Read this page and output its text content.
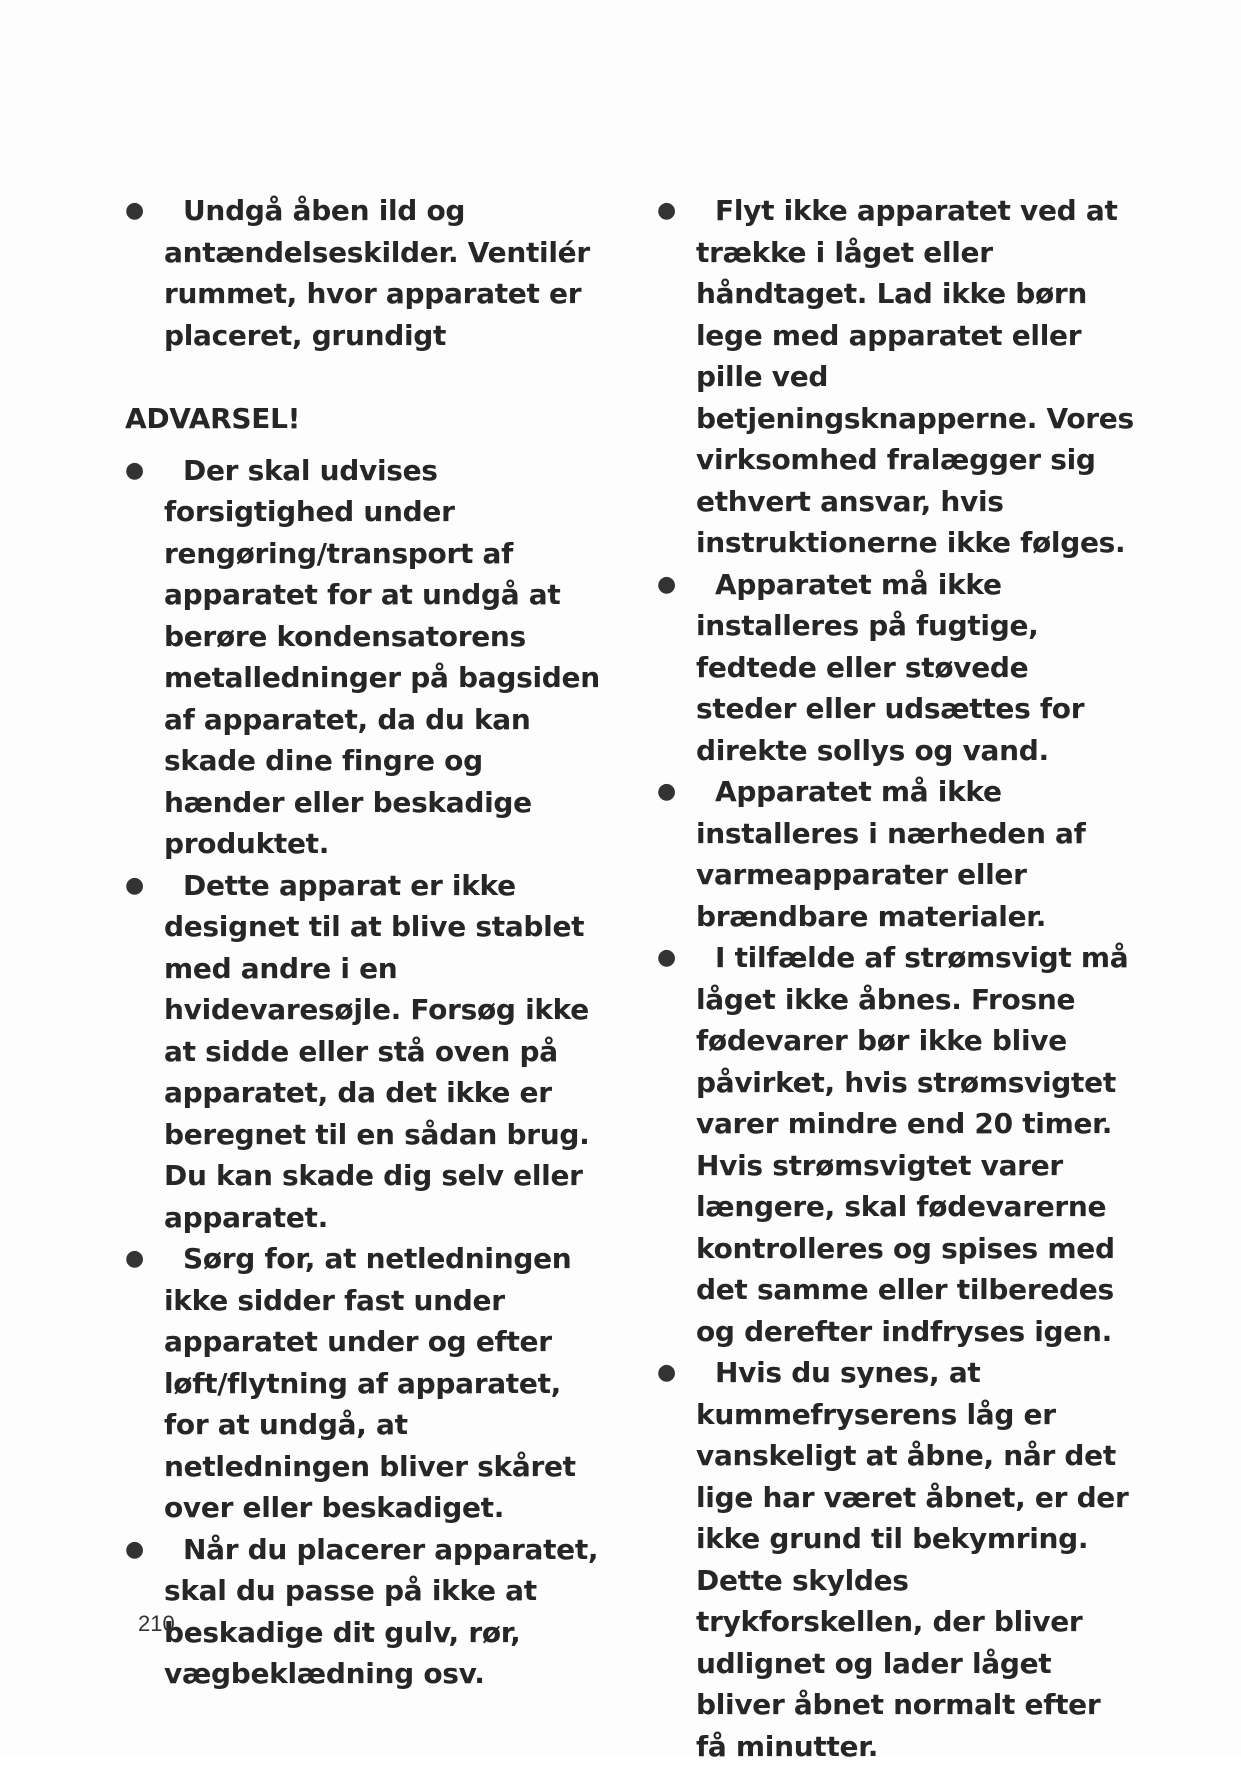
●	Undgå åben ild og antændelseskilder. Ventilér rummet, hvor apparatet er placeret, grundigt
ADVARSEL!
●	Der skal udvises forsigtighed under rengøring/transport af apparatet for at undgå at berøre kondensatorens metalledninger på bagsiden af apparatet, da du kan skade dine fingre og hænder eller beskadige produktet.
●	Dette apparat er ikke designet til at blive stablet med andre i en hvidevaresøjle. Forsøg ikke at sidde eller stå oven på apparatet, da det ikke er beregnet til en sådan brug. Du kan skade dig selv eller apparatet.
●	Sørg for, at netledningen ikke sidder fast under apparatet under og efter løft/flytning af apparatet, for at undgå, at netledningen bliver skåret over eller beskadiget.
●	Når du placerer apparatet, skal du passe på ikke at beskadige dit gulv, rør, vægbeklædning osv.
●	Flyt ikke apparatet ved at trække i låget eller håndtaget. Lad ikke børn lege med apparatet eller pille ved betjeningsknapperne. Vores virksomhed fralægger sig ethvert ansvar, hvis instruktionerne ikke følges.
●	Apparatet må ikke installeres på fugtige, fedtede eller støvede steder eller udsættes for direkte sollys og vand.
●	Apparatet må ikke installeres i nærheden af varmeapparater eller brændbare materialer.
●	I tilfælde af strømsvigt må låget ikke åbnes. Frosne fødevarer bør ikke blive påvirket, hvis strømsvigtet varer mindre end 20 timer. Hvis strømsvigtet varer længere, skal fødevarerne kontrolleres og spises med det samme eller tilberedes og derefter indfryses igen.
●	Hvis du synes, at kummefryserens låg er vanskeligt at åbne, når det lige har været åbnet, er der ikke grund til bekymring. Dette skyldes trykforskellen, der bliver udlignet og lader låget bliver åbnet normalt efter få minutter.
210
